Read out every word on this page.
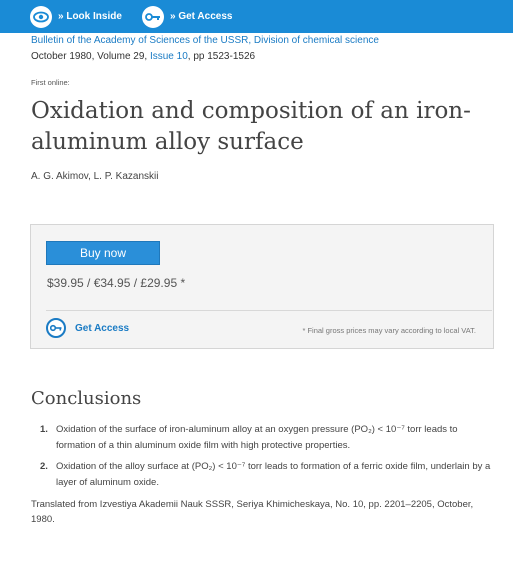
» Look Inside	» Get Access
Bulletin of the Academy of Sciences of the USSR, Division of chemical science
October 1980, Volume 29, Issue 10, pp 1523-1526
First online:
Oxidation and composition of an iron-aluminum alloy surface
A. G. Akimov, L. P. Kazanskii
Buy now
$39.95 / €34.95 / £29.95 *
Get Access	* Final gross prices may vary according to local VAT.
Conclusions
1. Oxidation of the surface of iron-aluminum alloy at an oxygen pressure (PO₂) < 10⁻⁷ torr leads to formation of a thin aluminum oxide film with high protective properties.
2. Oxidation of the alloy surface at (PO₂) < 10⁻⁷ torr leads to formation of a ferric oxide film, underlain by a layer of aluminum oxide.
Translated from Izvestiya Akademii Nauk SSSR, Seriya Khimicheskaya, No. 10, pp. 2201–2205, October, 1980.
